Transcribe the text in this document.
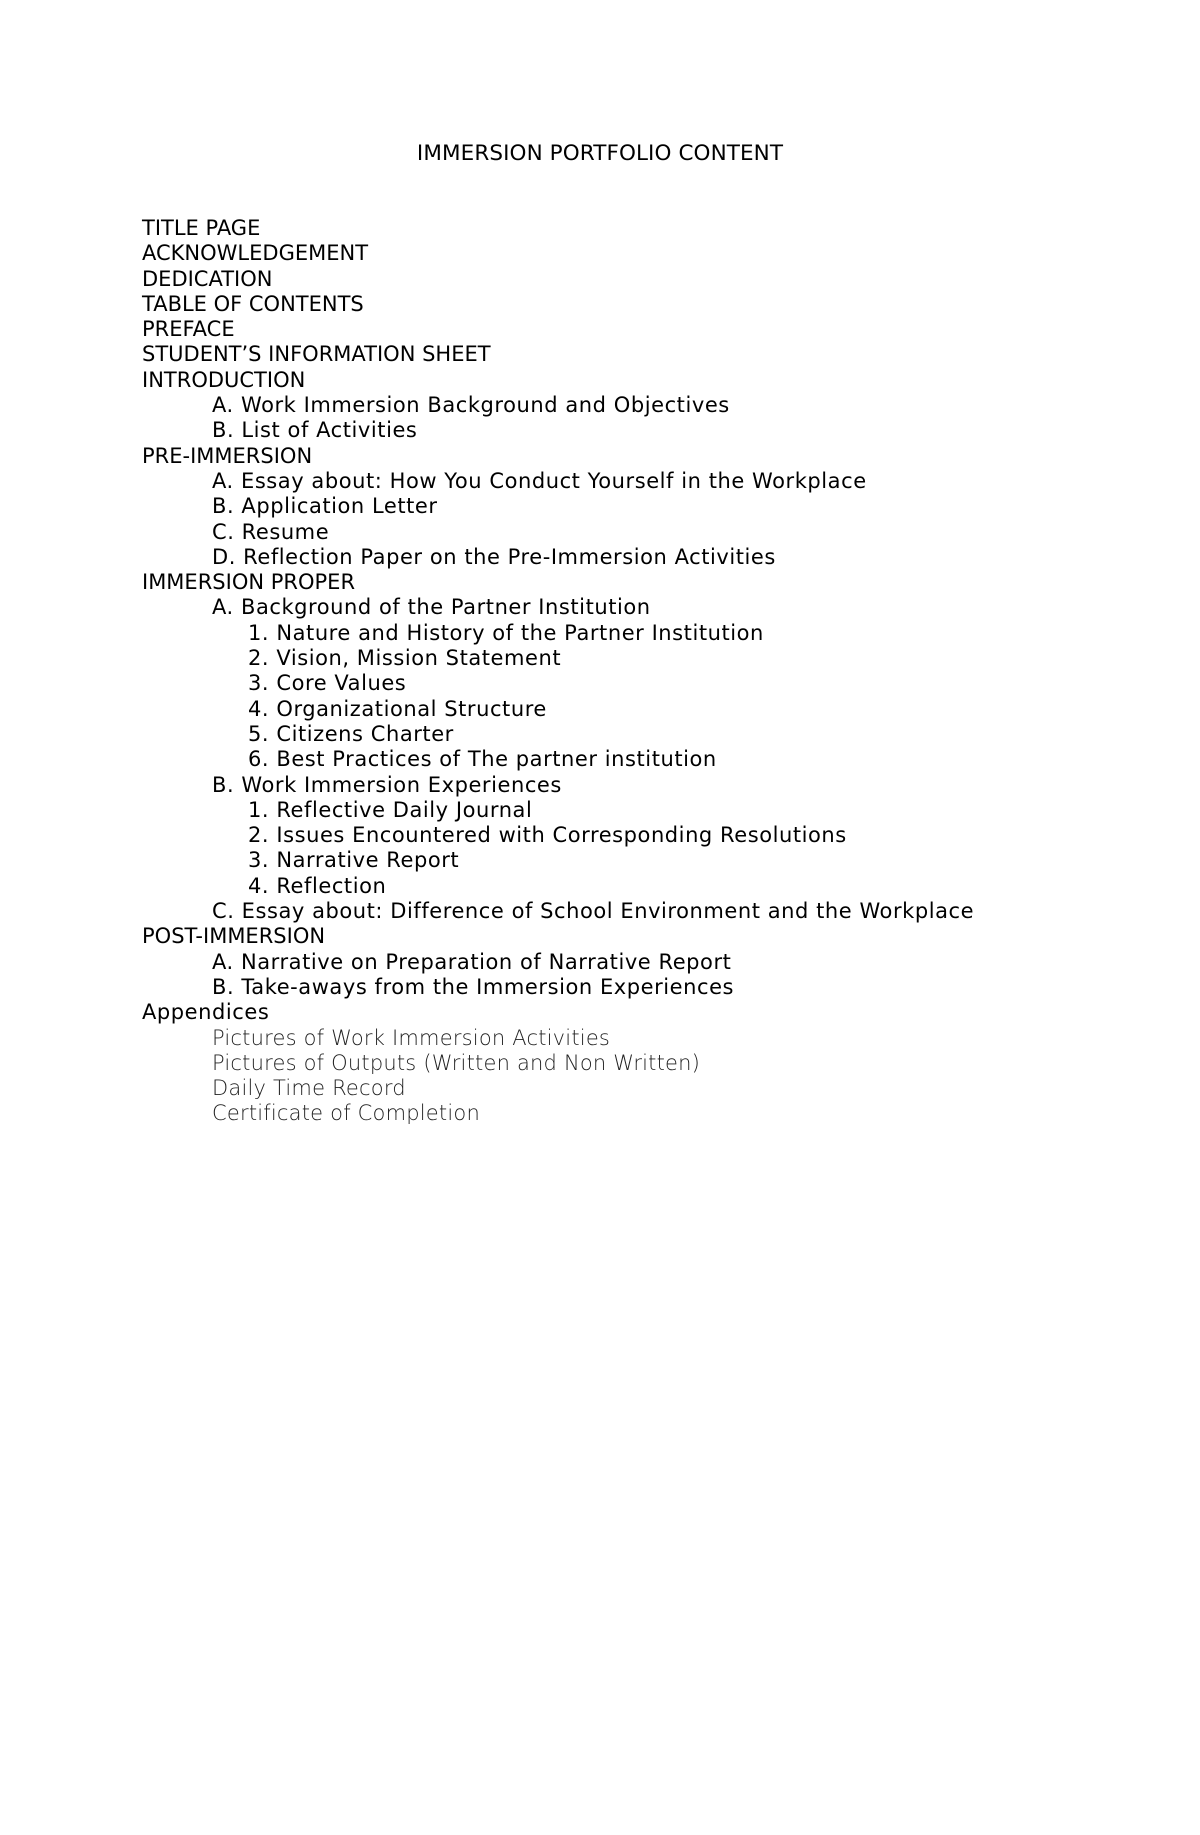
IMMERSION PORTFOLIO CONTENT
TITLE PAGE
ACKNOWLEDGEMENT
DEDICATION
TABLE OF CONTENTS
PREFACE
STUDENT’S INFORMATION SHEET
INTRODUCTION
A. Work Immersion Background and Objectives
B. List of Activities
PRE-IMMERSION
A. Essay about: How You Conduct Yourself in the Workplace
B. Application Letter
C. Resume
D. Reflection Paper on the Pre-Immersion Activities
IMMERSION PROPER
A. Background of the Partner Institution
1. Nature and History of the Partner Institution
2. Vision, Mission Statement
3. Core Values
4. Organizational Structure
5. Citizens Charter
6. Best Practices of The partner institution
B. Work Immersion Experiences
1. Reflective Daily Journal
2. Issues Encountered with Corresponding Resolutions
3. Narrative Report
4. Reflection
C. Essay about: Difference of School Environment and the Workplace
POST-IMMERSION
A. Narrative on Preparation of Narrative Report
B. Take-aways from the Immersion Experiences
Appendices
Pictures of Work Immersion Activities
Pictures of Outputs (Written and Non Written)
Daily Time Record
Certificate of Completion
